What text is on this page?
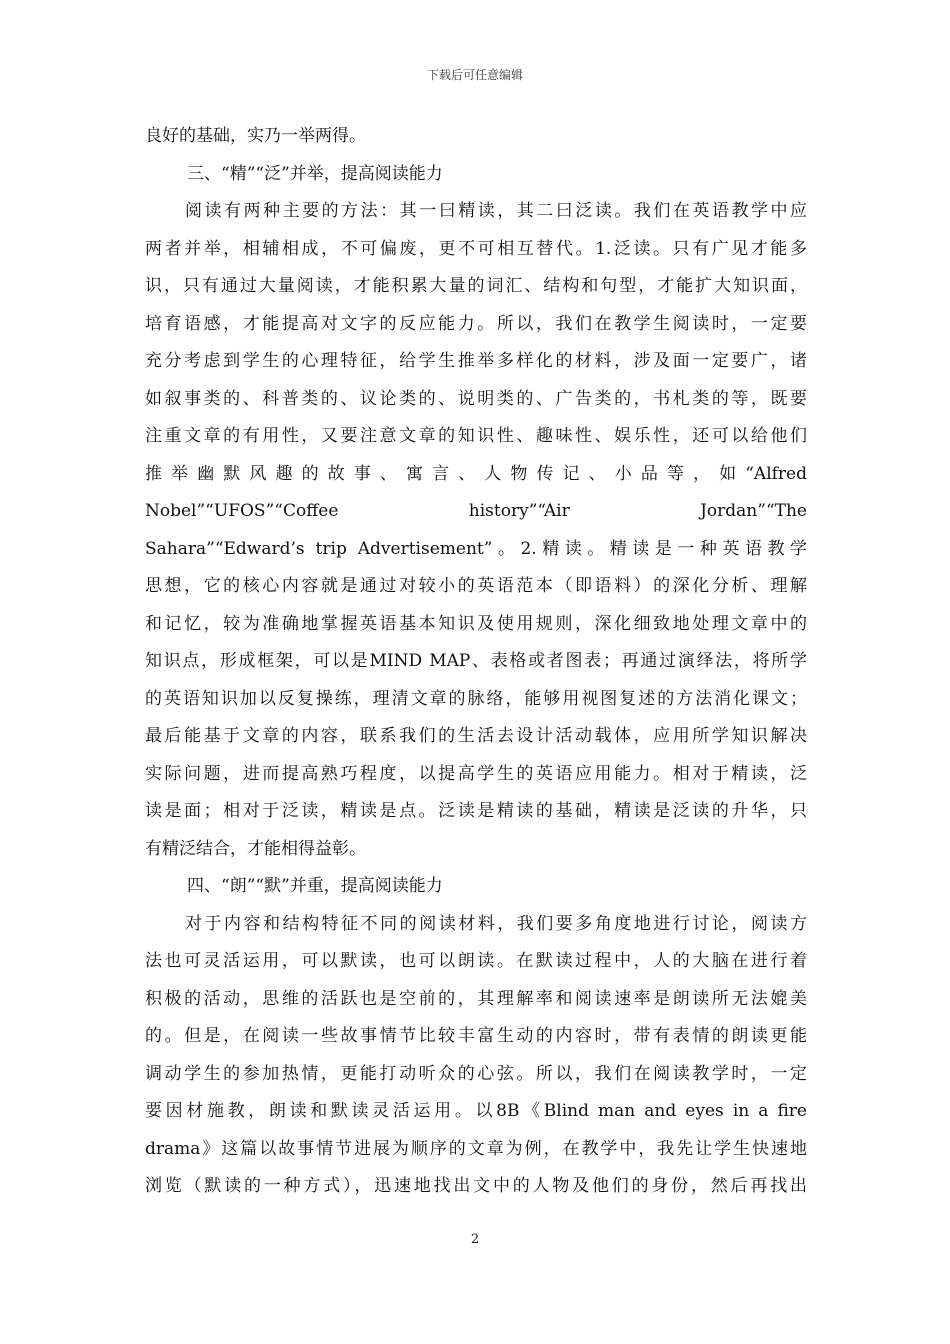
下载后可任意编辑
良好的基础，实乃一举两得。
三、“精”“泛”并举，提高阅读能力
阅读有两种主要的方法：其一曰精读，其二曰泛读。我们在英语教学中应
两者并举，相辅相成，不可偏废，更不可相互替代。1.泛读。只有广见才能多
识，只有通过大量阅读，才能积累大量的词汇、结构和句型，才能扩大知识面，
培育语感，才能提高对文字的反应能力。所以，我们在教学生阅读时，一定要
充分考虑到学生的心理特征，给学生推举多样化的材料，涉及面一定要广，诸
如叙事类的、科普类的、议论类的、说明类的、广告类的，书札类的等，既要
注重文章的有用性，又要注意文章的知识性、趣味性、娱乐性，还可以给他们
推举幽默风趣的故事、寓言、人物传记、小品等，如“Alfred
Nobel”“UFOS”“Coffee history”“Air Jordan”“The
Sahara”“Edward’s trip Advertisement”。2.精读。精读是一种英语教学
思想，它的核心内容就是通过对较小的英语范本（即语料）的深化分析、理解
和记忆，较为准确地掌握英语基本知识及使用规则，深化细致地处理文章中的
知识点，形成框架，可以是MIND MAP、表格或者图表；再通过演绎法，将所学
的英语知识加以反复操练，理清文章的脉络，能够用视图复述的方法消化课文；
最后能基于文章的内容，联系我们的生活去设计活动载体，应用所学知识解决
实际问题，进而提高熟巧程度，以提高学生的英语应用能力。相对于精读，泛
读是面；相对于泛读，精读是点。泛读是精读的基础，精读是泛读的升华，只
有精泛结合，才能相得益彰。
四、“朗”“默”并重，提高阅读能力
对于内容和结构特征不同的阅读材料，我们要多角度地进行讨论，阅读方
法也可灵活运用，可以默读，也可以朗读。在默读过程中，人的大脑在进行着
积极的活动，思维的活跃也是空前的，其理解率和阅读速率是朗读所无法媲美
的。但是，在阅读一些故事情节比较丰富生动的内容时，带有表情的朗读更能
调动学生的参加热情，更能打动听众的心弦。所以，我们在阅读教学时，一定
要因材施教，朗读和默读灵活运用。以8B《Blind man and eyes in a fire
drama》这篇以故事情节进展为顺序的文章为例，在教学中，我先让学生快速地
浏览（默读的一种方式），迅速地找出文中的人物及他们的身份，然后再找出
2
